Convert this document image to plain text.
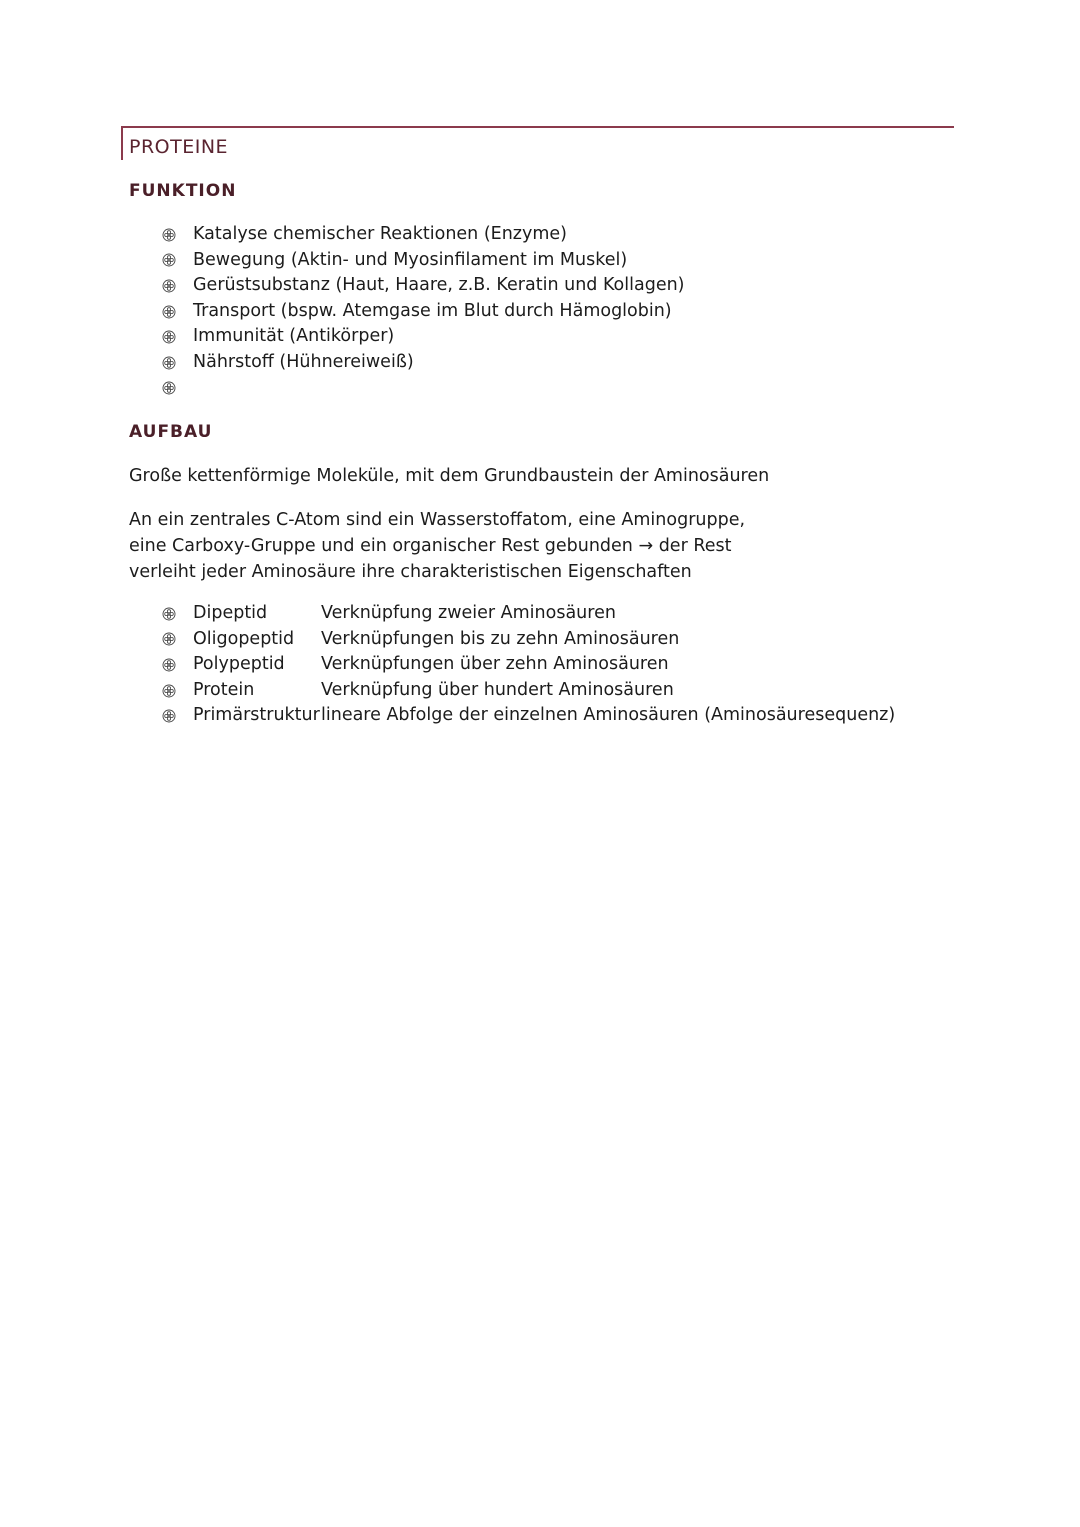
PROTEINE
FUNKTION
Katalyse chemischer Reaktionen (Enzyme)
Bewegung (Aktin- und Myosinfilament im Muskel)
Gerüstsubstanz (Haut, Haare, z.B. Keratin und Kollagen)
Transport (bspw. Atemgase im Blut durch Hämoglobin)
Immunität (Antikörper)
Nährstoff (Hühnereiweiß)
AUFBAU

Große kettenförmige Moleküle, mit dem Grundbaustein der Aminosäuren

An ein zentrales C-Atom sind ein Wasserstoffatom, eine Aminogruppe,
eine Carboxy-Gruppe und ein organischer Rest gebunden → der Rest
verleiht jeder Aminosäure ihre charakteristischen Eigenschaften
Dipeptid	Verknüpfung zweier Aminosäuren
Oligopeptid	Verknüpfungen bis zu zehn Aminosäuren
Polypeptid	Verknüpfungen über zehn Aminosäuren
Protein	Verknüpfung über hundert Aminosäuren
Primärstruktur lineare Abfolge der einzelnen Aminosäuren (Aminosäuresequenz)
